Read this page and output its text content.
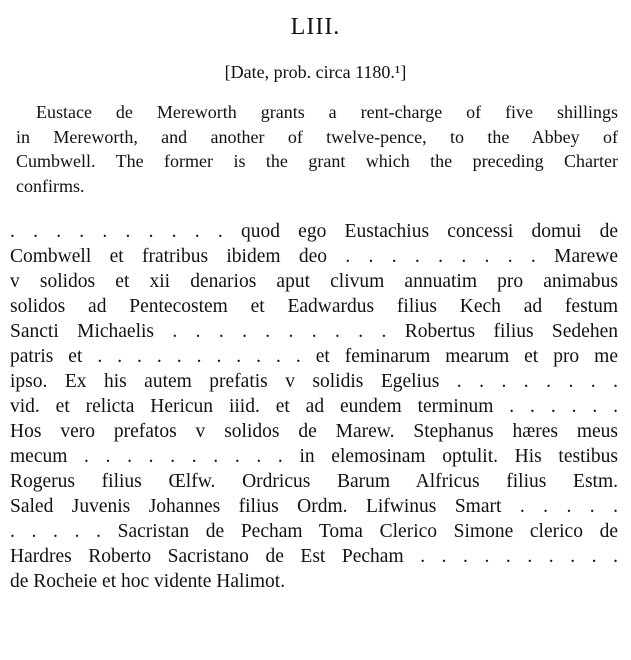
LIII.
[Date, prob. circa 1180.¹]
Eustace de Mereworth grants a rent-charge of five shillings
in Mereworth, and another of twelve-pence, to the Abbey of
Cumbwell. The former is the grant which the preceding Charter
confirms.
. . . . . . . . . . quod ego Eustachius concessi domui de
Combwell et fratribus ibidem deo . . . . . . . . . Marewe
v solidos et xii denarios aput clivum annuatim pro animabus
solidos ad Pentecostem et Eadwardus filius Kech ad festum
Sancti Michaelis . . . . . . . . . . Robertus filius Sedehen
patris et . . . . . . . . . . . et feminarum mearum et pro me
ipso. Ex his autem prefatis v solidis Egelius . . . . . . . .
vid. et relicta Hericun iiid. et ad eundem terminum . . . . . .
Hos vero prefatos v solidos de Marew. Stephanus hæres meus
mecum . . . . . . . . . . in elemosinam optulit. His testibus
Rogerus filius Œlfw. Ordricus Barum Alfricus filius Estm.
Saled Juvenis Johannes filius Ordm. Lifwinus Smart . . . . .
. . . . . Sacristan de Pecham Toma Clerico Simone clerico de
Hardres Roberto Sacristano de Est Pecham . . . . . . . . . .
de Rocheie et hoc vidente Halimot.
